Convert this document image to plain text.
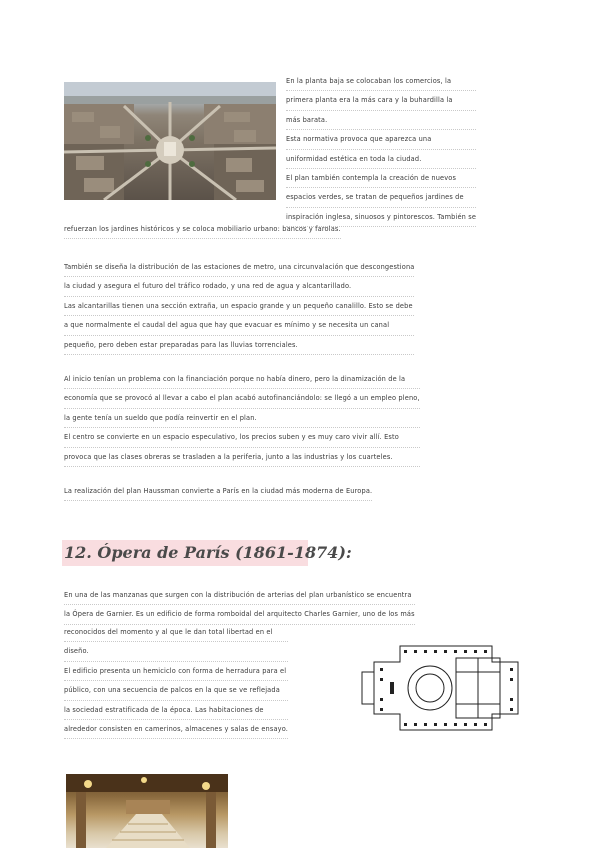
En la planta baja se colocaban los comercios, la
primera planta era la más cara y la buhardilla la
más barata.
Esta normativa provoca que aparezca una
uniformidad estética en toda la ciudad.
El plan también contempla la creación de nuevos
espacios verdes, se tratan de pequeños jardines de
inspiración inglesa, sinuosos y pintorescos. También se

refuerzan los jardines históricos y se coloca mobiliario urbano: bancos y farolas.

También se diseña la distribución de las estaciones de metro, una circunvalación que descongestiona
la ciudad y asegura el futuro del tráfico rodado, y una red de agua y alcantarillado.
Las alcantarillas tienen una sección extraña, un espacio grande y un pequeño canalillo. Esto se debe
a que normalmente el caudal del agua que hay que evacuar es mínimo y se necesita un canal
pequeño, pero deben estar preparadas para las lluvias torrenciales.
Al inicio tenían un problema con la financiación porque no había dinero, pero la dinamización de la
economía que se provocó al llevar a cabo el plan acabó autofinanciándolo: se llegó a un empleo pleno,
la gente tenía un sueldo que podía reinvertir en el plan.
El centro se convierte en un espacio especulativo, los precios suben y es muy caro vivir allí. Esto
provoca que las clases obreras se trasladen a la periferia, junto a las industrias y los cuarteles.

La realización del plan Haussman convierte a París en la ciudad más moderna de Europa.

12. Ópera de París (1861-1874):
En una de las manzanas que surgen con la distribución de arterias del plan urbanístico se encuentra
la Ópera de Garnier. Es un edificio de forma romboidal del arquitecto Charles Garnier, uno de los más
reconocidos del momento y al que le dan total libertad en el
diseño.
El edificio presenta un hemiciclo con forma de herradura para el
público, con una secuencia de palcos en la que se ve reflejada
la sociedad estratificada de la época. Las habitaciones de
alrededor consisten en camerinos, almacenes y salas de ensayo.
